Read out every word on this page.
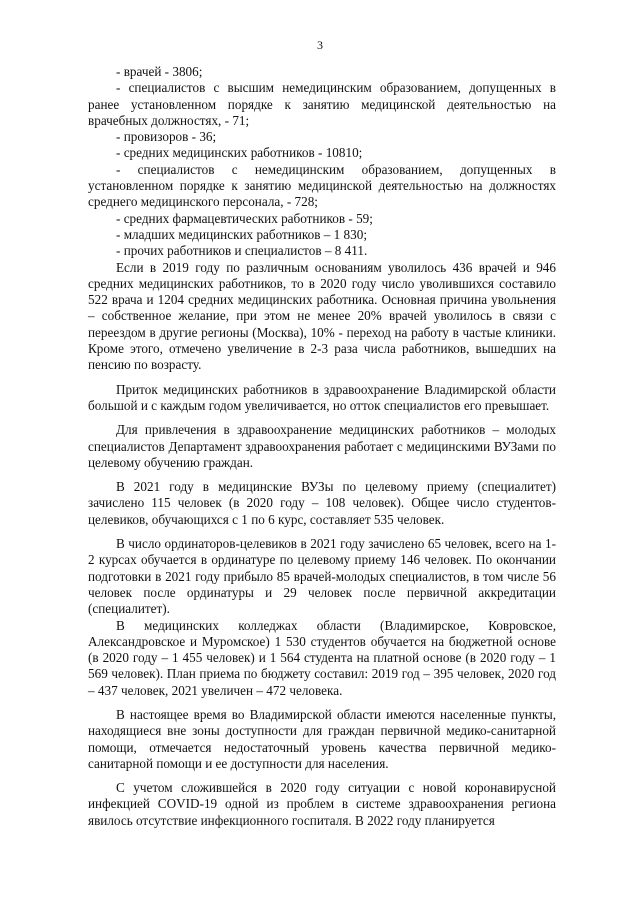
3

- врачей - 3806;

- специалистов с высшим немедицинским образованием, допущенных в ранее установленном порядке к занятию медицинской деятельностью на врачебных должностях, - 71;

- провизоров - 36;

- средних медицинских работников - 10810;

- специалистов с немедицинским образованием, допущенных в установленном порядке к занятию медицинской деятельностью на должностях среднего медицинского персонала, - 728;

- средних фармацевтических работников - 59;

- младших медицинских работников – 1 830;

- прочих работников и специалистов – 8 411.

Если в 2019 году по различным основаниям уволилось 436 врачей и 946 средних медицинских работников, то в 2020 году число уволившихся составило 522 врача и 1204 средних медицинских работника. Основная причина увольнения – собственное желание, при этом не менее 20% врачей уволилось в связи с переездом в другие регионы (Москва), 10% - переход на работу в частые клиники. Кроме этого, отмечено увеличение в 2-3 раза числа работников, вышедших на пенсию по возрасту.

Приток медицинских работников в здравоохранение Владимирской области большой и с каждым годом увеличивается, но отток специалистов его превышает.

Для привлечения в здравоохранение медицинских работников – молодых специалистов Департамент здравоохранения работает с медицинскими ВУЗами по целевому обучению граждан.

В 2021 году в медицинские ВУЗы по целевому приему (специалитет) зачислено 115 человек (в 2020 году – 108 человек). Общее число студентов-целевиков, обучающихся с 1 по 6 курс, составляет 535 человек.

В число ординаторов-целевиков в 2021 году зачислено 65 человек, всего на 1-2 курсах обучается в ординатуре по целевому приему 146 человек. По окончании подготовки в 2021 году прибыло 85 врачей-молодых специалистов, в том числе 56 человек после ординатуры и 29 человек после первичной аккредитации (специалитет).

В медицинских колледжах области (Владимирское, Ковровское, Александровское и Муромское) 1 530 студентов обучается на бюджетной основе (в 2020 году – 1 455 человек) и 1 564 студента на платной основе (в 2020 году – 1 569 человек). План приема по бюджету составил: 2019 год – 395 человек, 2020 год – 437 человек, 2021 увеличен – 472 человека.

В настоящее время во Владимирской области имеются населенные пункты, находящиеся вне зоны доступности для граждан первичной медико-санитарной помощи, отмечается недостаточный уровень качества первичной медико-санитарной помощи и ее доступности для населения.

С учетом сложившейся в 2020 году ситуации с новой коронавирусной инфекцией COVID-19 одной из проблем в системе здравоохранения региона явилось отсутствие инфекционного госпиталя. В 2022 году планируется
